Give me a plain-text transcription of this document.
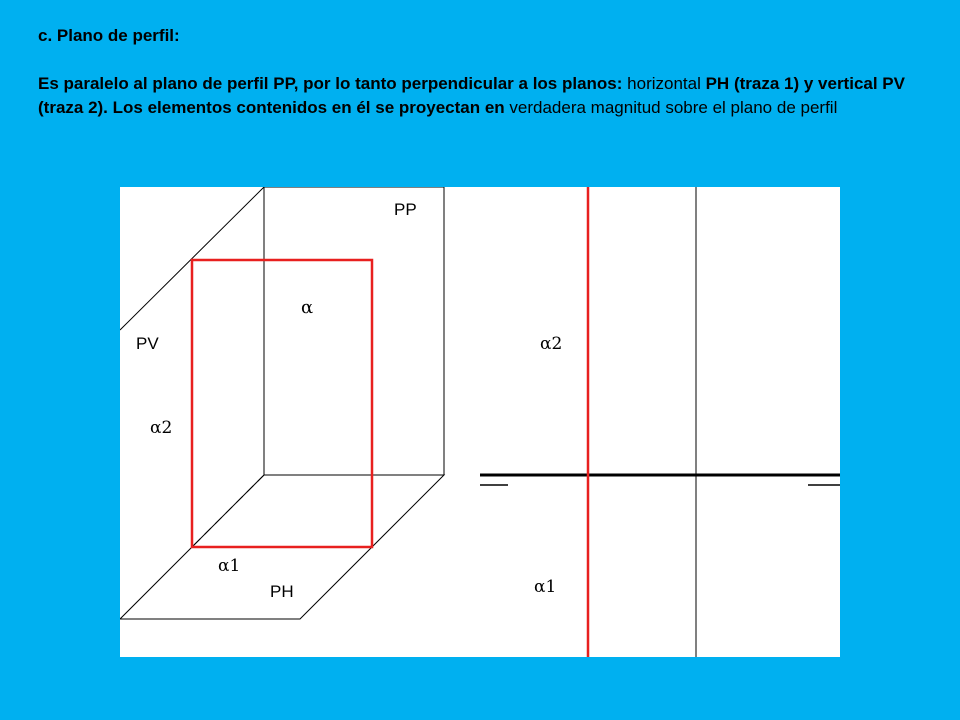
c. Plano de perfil:

Es paralelo al plano de perfil PP, por lo tanto perpendicular a los planos: horizontal PH (traza 1) y vertical PV (traza 2). Los elementos contenidos en él se proyectan en verdadera magnitud sobre el plano de perfil

PP
PV
PH
α
α2
α1
α2
α1
